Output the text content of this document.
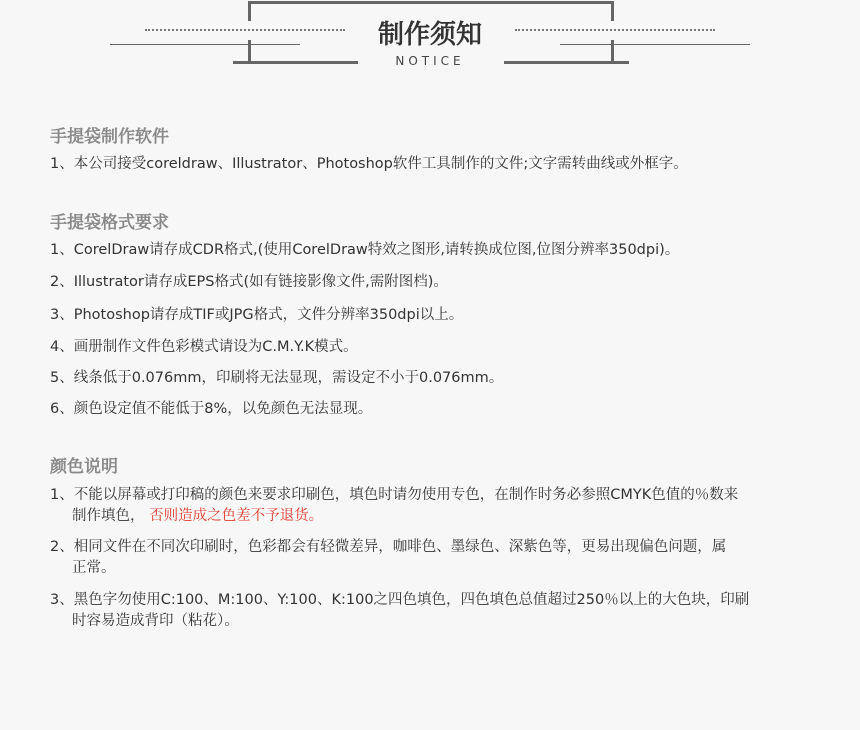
制作须知
NOTICE
手提袋制作软件
1、本公司接受coreldraw、Illustrator、Photoshop软件工具制作的文件;文字需转曲线或外框字。
手提袋格式要求
1、CorelDraw请存成CDR格式,(使用CorelDraw特效之图形,请转换成位图,位图分辨率350dpi)。
2、Illustrator请存成EPS格式(如有链接影像文件,需附图档)。
3、Photoshop请存成TIF或JPG格式，文件分辨率350dpi以上。
4、画册制作文件色彩模式请设为C.M.Y.K模式。
5、线条低于0.076mm，印刷将无法显现，需设定不小于0.076mm。
6、颜色设定值不能低于8%，以免颜色无法显现。
颜色说明
1、不能以屏幕或打印稿的颜色来要求印刷色，填色时请勿使用专色，在制作时务必参照CMYK色值的％数来
制作填色， 否则造成之色差不予退货。
2、相同文件在不同次印刷时，色彩都会有轻微差异，咖啡色、墨绿色、深紫色等，更易出现偏色问题，属
正常。
3、黑色字勿使用C:100、M:100、Y:100、K:100之四色填色，四色填色总值超过250％以上的大色块，印刷
时容易造成背印（粘花）。
